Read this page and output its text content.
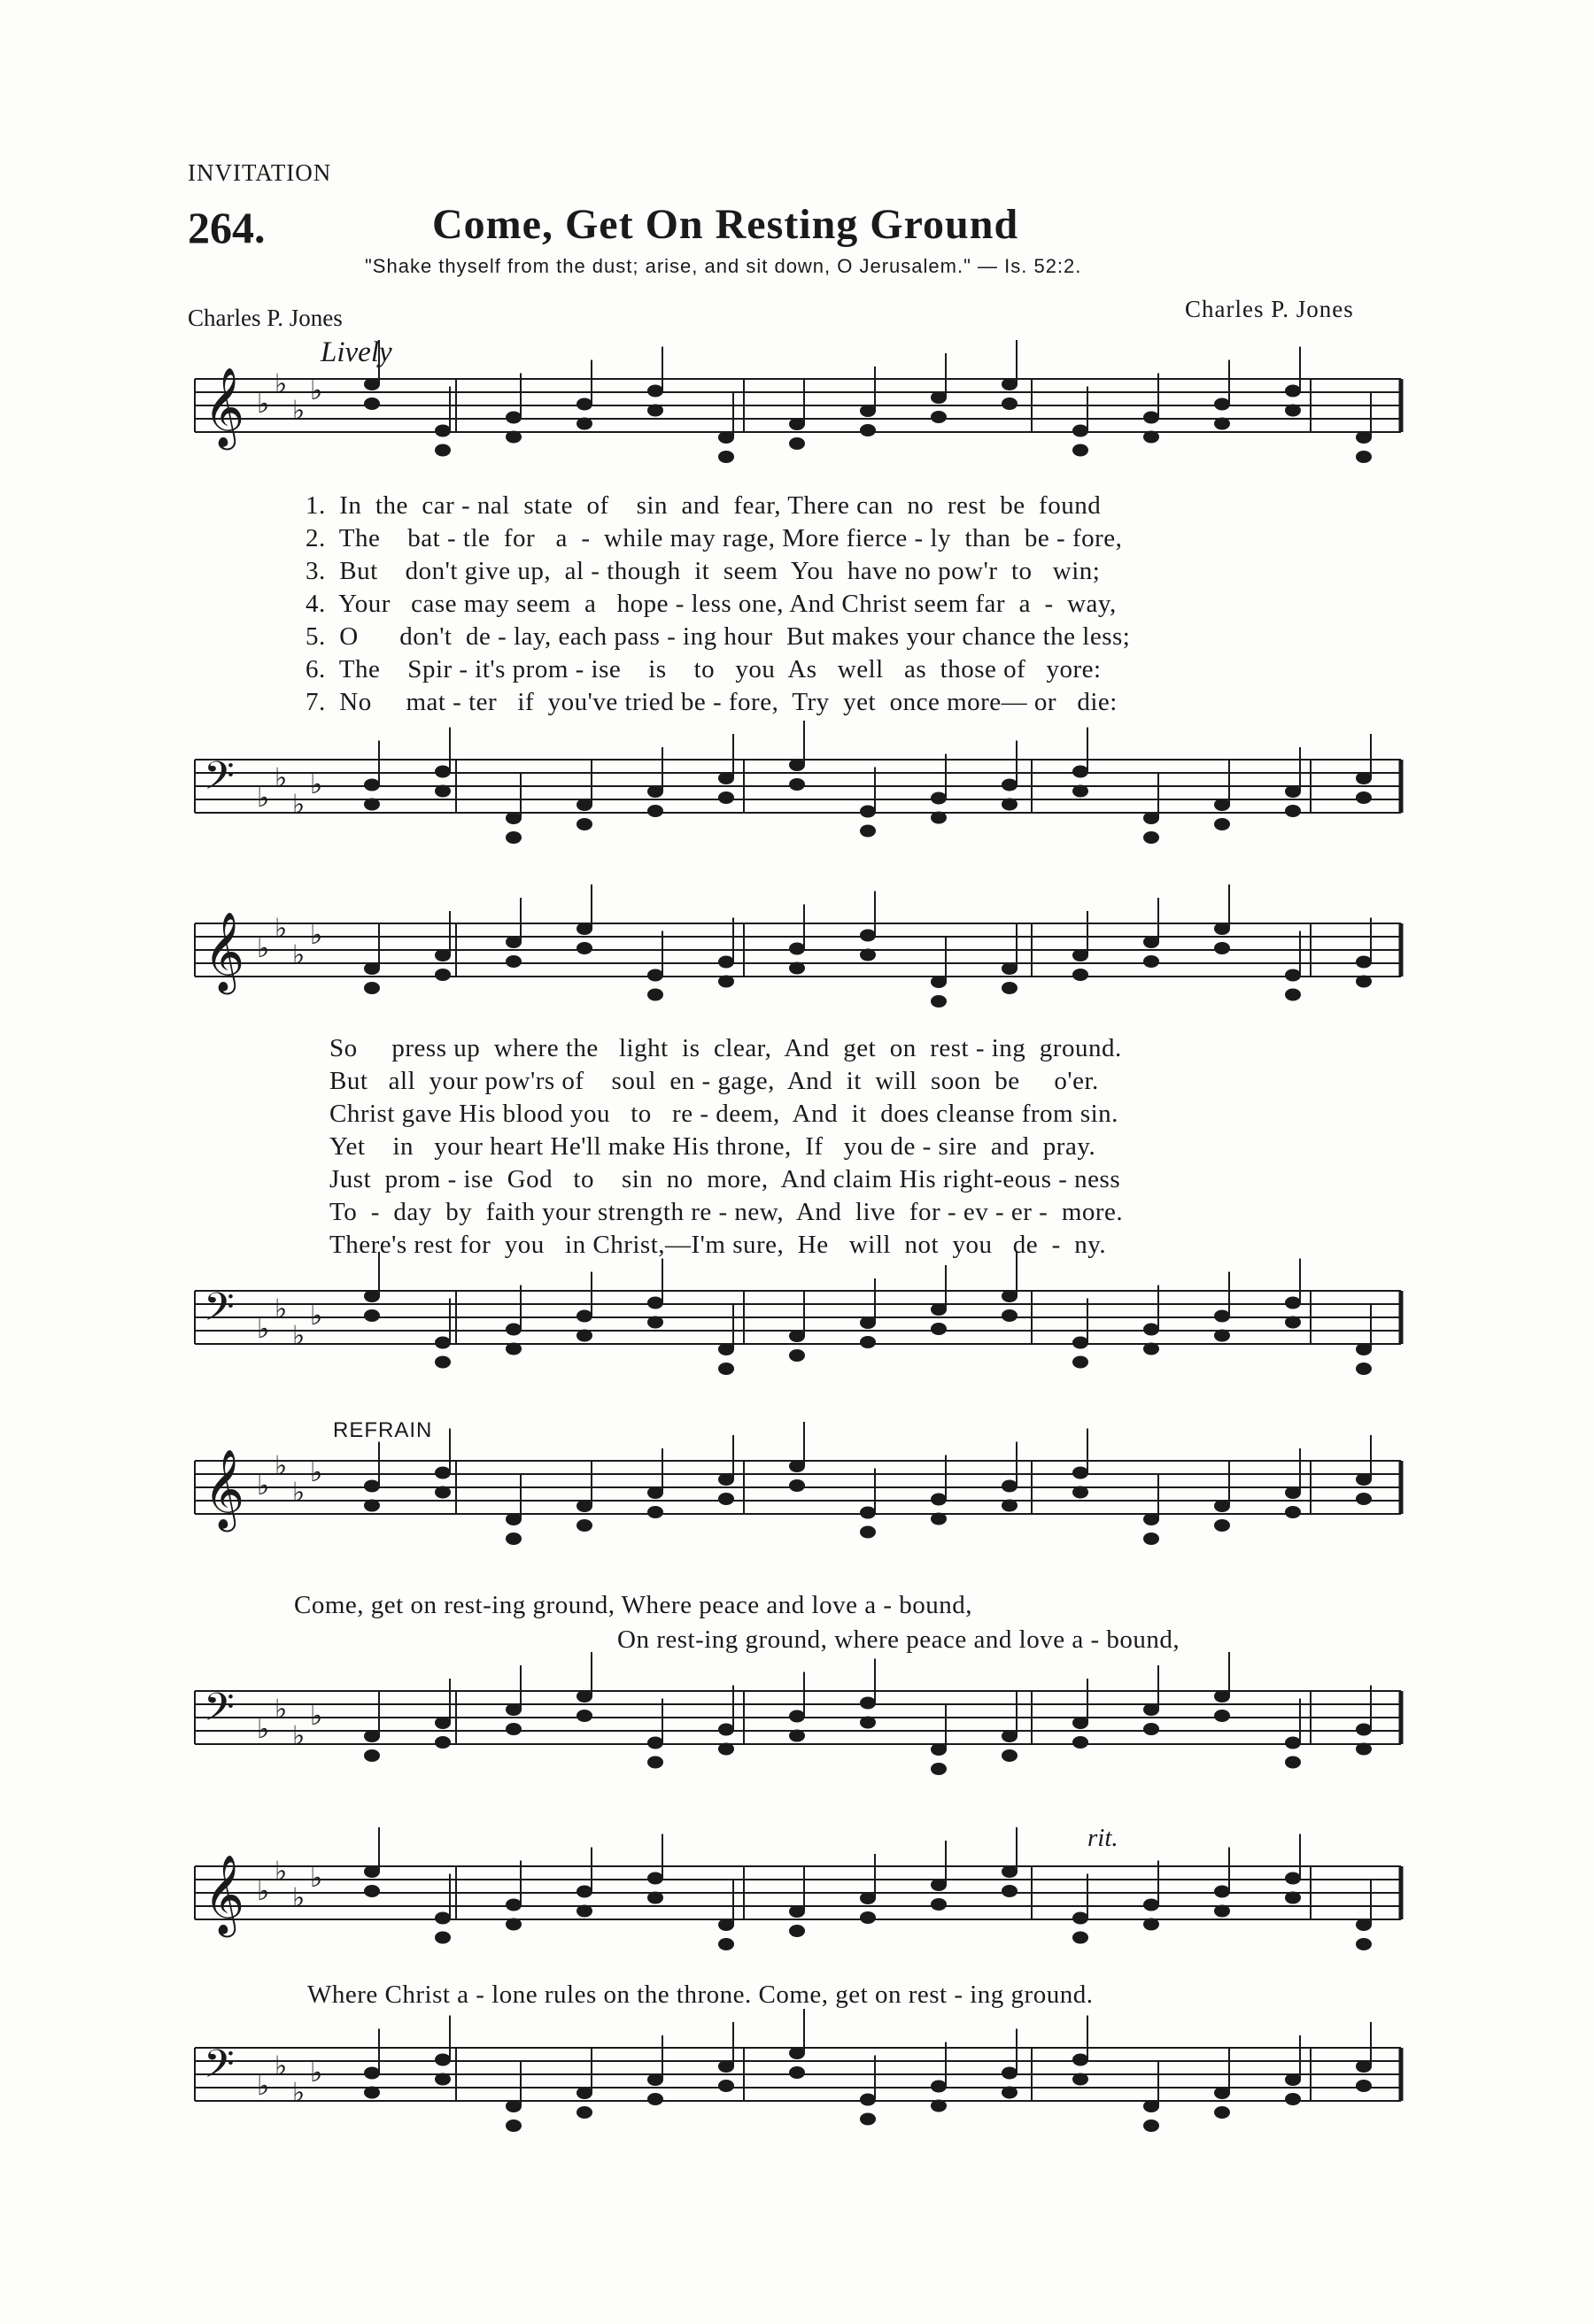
INVITATION
264.	Come, Get On Resting Ground
"Shake thyself from the dust; arise, and sit down, O Jerusalem." — Is. 52:2.
Charles P. Jones	Charles P. Jones
Lively
𝄞 ♭
♭
♭
♭
𝄢 ♭
♭
♭
♭
𝄞 ♭
♭
♭
♭
𝄢 ♭
♭
♭
♭
𝄞 ♭
♭
♭
♭
𝄢 ♭
♭
♭
♭
𝄞 ♭
♭
♭
♭
𝄢 ♭
♭
♭
♭
1.  In  the  car - nal  state  of    sin  and  fear, There can  no  rest  be  found
2.  The    bat - tle  for   a  -  while may rage, More fierce - ly  than  be - fore,
3.  But    don't give up,  al - though  it  seem  You  have no pow'r  to   win;
4.  Your   case may seem  a   hope - less one, And Christ seem far  a  -  way,
5.  O      don't  de - lay, each pass - ing hour  But makes your chance the less;
6.  The    Spir - it's prom - ise    is    to   you  As   well   as  those of   yore:
7.  No     mat - ter   if  you've tried be - fore,  Try  yet  once more— or   die:
So     press up  where the   light  is  clear,  And  get  on  rest - ing  ground.
But   all  your pow'rs of    soul  en - gage,  And  it  will  soon  be     o'er.
Christ gave His blood you   to   re - deem,  And  it  does cleanse from sin.
Yet    in   your heart He'll make His throne,  If   you de - sire  and  pray.
Just  prom - ise  God   to    sin  no  more,  And claim His right-eous - ness
To  -  day  by  faith your strength re - new,  And  live  for - ev - er -  more.
There's rest for  you   in Christ,—I'm sure,  He   will  not  you   de  -  ny.
REFRAIN
Come, get on rest-ing ground, Where peace and love a - bound,
On rest-ing ground, where peace and love a - bound,
rit.
Where Christ a - lone rules on the throne. Come, get on rest - ing ground.
